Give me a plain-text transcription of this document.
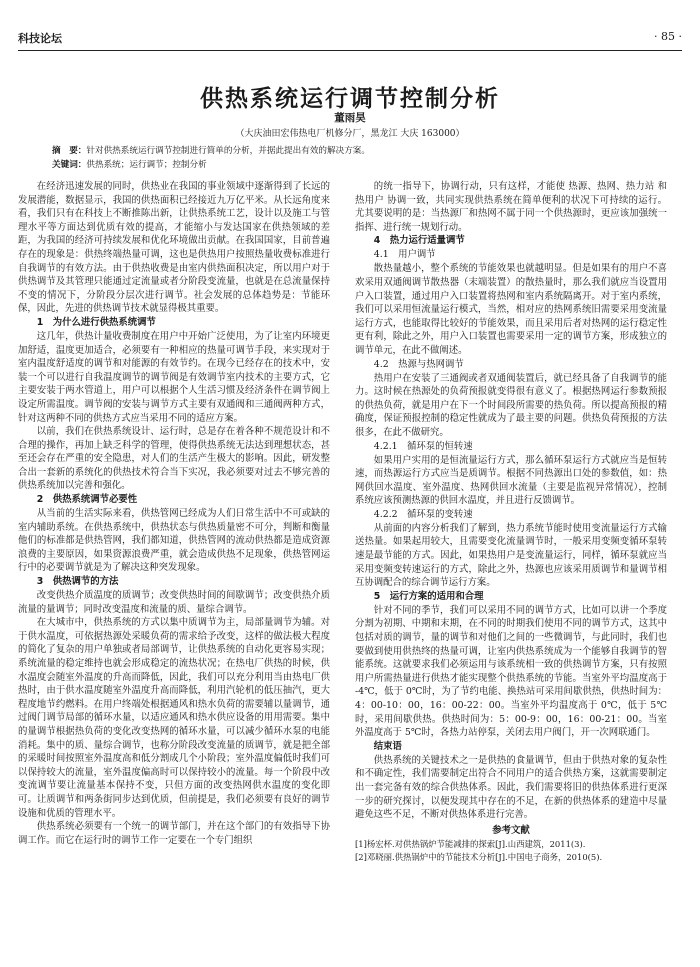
科技论坛	· 85 ·
供热系统运行调节控制分析
董雨昊
（大庆油田宏伟热电厂机修分厂，黑龙江 大庆 163000）
摘　要：针对供热系统运行调节控制进行简单的分析，并据此提出有效的解决方案。
关键词：供热系统；运行调节；控制分析

在经济迅速发展的同时，供热业在我国的事业领域中逐渐得到了长远的发展潜能，数据显示，我国的供热面积已经接近九万亿平米。从长远角度来看，我们只有在科技上不断推陈出新，让供热系统工艺，设计以及施工与管理水平等方面达到优质有效的提高，才能缩小与发达国家在供热领域的差距，为我国的经济可持续发展和优化环境做出贡献。在我国国家，目前普遍存在的现象是：供热终端热量可调，这也是供热用户按照热量收费标准进行自我调节的有效方法。由于供热收费是由室内供热面积决定，所以用户对于供热调节及其管理只能通过定流量或者分阶段变流量，也就是在总流量保持不变的情况下，分阶段分层次进行调节。社会发展的总体趋势是：节能环保，因此，先进的供热调节技术就显得极其重要。

1　为什么进行供热系统调节

这几年，供热计量收费制度在用户中开始广泛使用，为了让室内环境更加舒适，温度更加适合，必须要有一种相应的热量可调节手段，来实现对于室内温度舒适度的调节和对能源的有效节约。在现今已经存在的技术中，安装一个可以进行自我温度调节的调节阀是有效调节室内技术的主要方式，它主要安装于两水管道上，用户可以根据个人生活习惯及经济条件在调节阀上设定所需温度。调节阀的安装与调节方式主要有双通阀和三通阀两种方式，针对这两种不同的供热方式应当采用不同的适应方案。

以前，我们在供热系统设计、运行时，总是存在着各种不规范设计和不合理的操作，再加上缺乏科学的管理，使得供热系统无法达到理想状态，甚至还会存在严重的安全隐患，对人们的生活产生极大的影响。因此，研发整合出一套新的系统化的供热技术符合当下实况，我必须要对过去不够完善的供热系统加以完善和强化。

2　供热系统调节必要性

从当前的生活实际来看，供热管网已经成为人们日常生活中不可或缺的室内辅助系统。在供热系统中，供热状态与供热质量密不可分，判断和衡量他们的标准都是供热管网，我们都知道，供热管网的流动供热都是造成资源浪费的主要原因，如果资源浪费严重，就会造成供热不足现象，供热管网运行中的必要调节就是为了解决这种突发现象。

3　供热调节的方法

改变供热介质温度的质调节；改变供热时间的间歇调节；改变供热介质流量的量调节；同时改变温度和流量的质、量综合调节。

在大城市中，供热系统的方式以集中质调节为主，局部量调节为辅。对于供水温度，可依据热源处采暖负荷的需求给予改变，这样的做法极大程度的简化了复杂的用户单独或者局部调节，让供热系统的自动化更容易实现；系统流量的稳定维持也就会形成稳定的流热状况；在热电厂供热的时候，供水温度会随室外温度的升高而降低，因此，我们可以充分利用当由热电厂供热时，由于供水温度随室外温度升高而降低，利用汽轮机的低压抽汽，更大程度地节约燃料。在用户终端处根据通风和热水负荷的需要辅以量调节，通过阀门调节局部的循环水量，以适应通风和热水供应设备的用用需要。集中的量调节根据热负荷的变化改变热网的循环水量，可以减少循环水泵的电能消耗。集中的质、量综合调节，也称分阶段改变流量的质调节，就是把全部的采暖时间按照室外温度高和低分割成几个小阶段；室外温度偏低时我们可以保持较大的流量，室外温度偏高时可以保持较小的流量。每一个阶段中改变流调节要让流量基本保持不变，只但方面的改变热网供水温度的变化即可。让质调节和两条街同步达到优质，但前提是，我们必须要有良好的调节设施和优质的管理水平。

供热系统必须要有一个统一的调节部门，并在这个部门的有效指导下协调工作。而它在运行时的调节工作一定要在一个专门组织

的统一指导下，协调行动，只有这样，才能使 热源、热网、热力站 和热用户 协调一致，共同实现供热系统在简单便利的状况下可持续的运行。尤其要说明的是：当热源厂和热网不属于同一个供热源时，更应该加强统一指挥、进行统一规划行动。

4　热力运行适量调节
4.1　用户调节

散热量越小，整个系统的节能效果也就越明显。但是如果有的用户不喜欢采用双通阀调节散热器（末端装置）的散热量时，那么我们就应当设置用户入口装置，通过用户入口装置将热网和室内系统隔离开。对于室内系统，我们可以采用恒流量运行模式，当然，相对应的热网系统旧需要采用变流量运行方式，也能取得比较好的节能效果，而且采用后者对热网的运行稳定性更有利，除此之外，用户入口装置也需要采用一定的调节方案，形成独立的调节单元，在此不做阐述。

4.2　热源与热网调节

热用户在安装了三通阀或者双通阀装置后，就已经具备了自我调节的能力。这时候在热源处的负荷预报就变得很有意义了。根据热网运行参数预报的供热负荷，就是用户在下一个时间段所需要的热负荷。所以提高预报的精确度，保证预报控制的稳定性就成为了最主要的问题。供热负荷预报的方法很多，在此不做研究。

4.2.1　循环泵的恒转速

如果用户实用的是恒流量运行方式，那么循环泵运行方式就应当是恒转速，而热源运行方式应当是质调节。根据不同热源出口处的参数值，如：热网供回水温度、室外温度、热网供回水流量（主要是监视异常情况），控制系统应该预测热源的供回水温度，并且进行反馈调节。

4.2.2　循环泵的变转速

从前面的内容分析我们了解到，热力系统节能时使用变流量运行方式输送热量。如果起用较大，且需要变化流量调节时，一般采用变频变循环泵转速是最节能的方式。因此，如果热用户是变流量运行，同样，循环泵就应当采用变频变转速运行的方式，除此之外，热源也应该采用质调节和量调节相互协调配合的综合调节运行方案。

5　运行方案的适用和合理

针对不同的季节，我们可以采用不同的调节方式，比如可以讲一个季度分割为初期、中期和末期，在不同的时期我们使用不同的调节方式，这其中包括对质的调节，量的调节和对他们之间的一些微调节，与此同时，我们也要做到使用供热终的热量可调，让室内供热系统成为一个能够自我调节的智能系统。这就要求我们必须运用与该系统相一致的供热调节方案，只有按照用户所需热量进行供热才能实现整个供热系统的节能。当室外平均温度高于 -4℃，低于 0℃时，为了节约电能、换热站可采用间歇供热，供热时间为：4：00-10：00，16：00-22：00。当室外平均温度高于 0℃，低于 5℃时，采用间歇供热。供热时间为：5：00-9：00，16：00-21：00。当室外温度高于 5℃时，各热力站停泵，关闭去用户阀门，开一次网联通门。

结束语

供热系统的关键技术之一是供热的食量调节，但由于供热对象的复杂性和不确定性，我们需要制定出符合不同用户的适合供热方案，这就需要制定出一套完备有效的综合供热体系。因此，我们需要将旧的供热体系进行更深一步的研究探讨，以便发现其中存在的不足，在新的供热体系的建造中尽量避免这些不足，不断对供热体系进行完善。

参考文献
[1]杨宏杯.对供热锅炉节能减排的探索[J].山西建筑，2011(3).
[2]邓晓丽.供热锅炉中的节能技术分析[J].中国电子商务，2010(5).
